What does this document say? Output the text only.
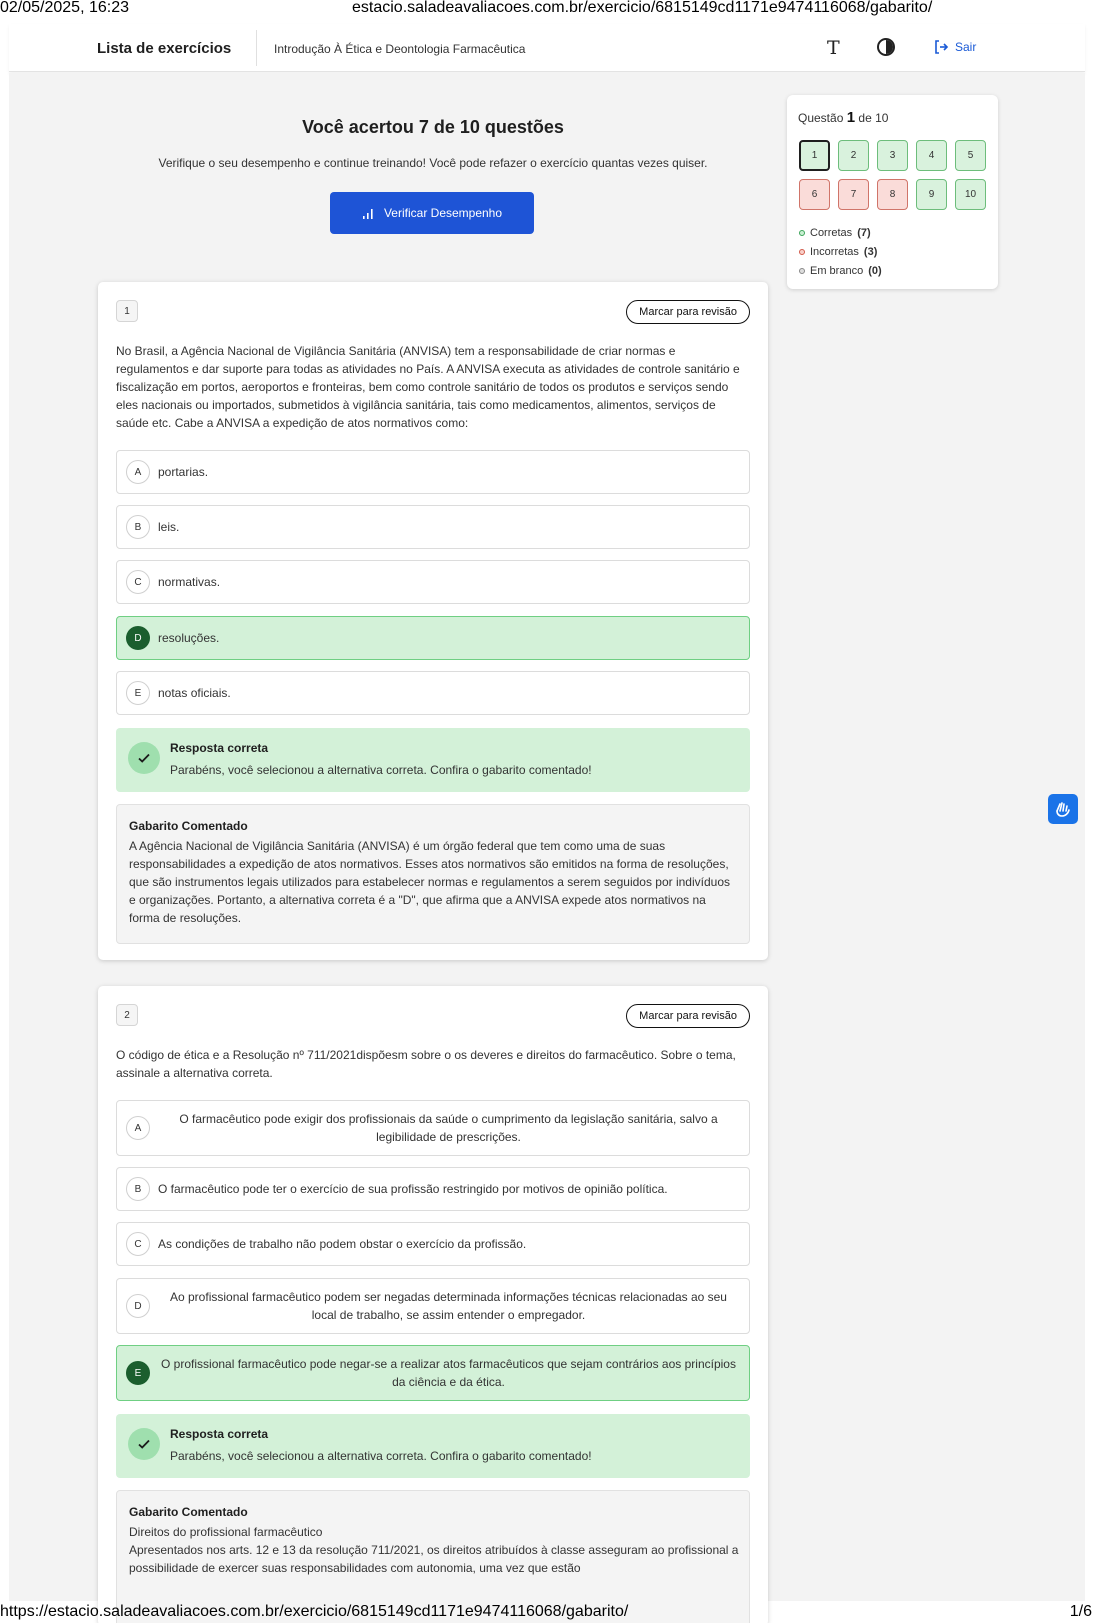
02/05/2025, 16:23	estacio.saladeavaliacoes.com.br/exercicio/6815149cd1171e9474116068/gabarito/
Lista de exercícios	Introdução À Ética e Deontologia Farmacêutica	T	Sair
Você acertou 7 de 10 questões

Verifique o seu desempenho e continue treinando! Você pode refazer o exercício quantas vezes quiser.

Verificar Desempenho
Questão 1 de 10
1	2	3	4	5
6	7	8	9	10
Corretas (7)
Incorretas (3)
Em branco (0)
1	Marcar para revisão
No Brasil, a Agência Nacional de Vigilância Sanitária (ANVISA) tem a responsabilidade de criar normas e regulamentos e dar suporte para todas as atividades no País. A ANVISA executa as atividades de controle sanitário e fiscalização em portos, aeroportos e fronteiras, bem como controle sanitário de todos os produtos e serviços sendo eles nacionais ou importados, submetidos à vigilância sanitária, tais como medicamentos, alimentos, serviços de saúde etc. Cabe a ANVISA a expedição de atos normativos como:
A	portarias.
B	leis.
C	normativas.
D	resoluções.
E	notas oficiais.
Resposta correta
Parabéns, você selecionou a alternativa correta. Confira o gabarito comentado!
Gabarito Comentado
A Agência Nacional de Vigilância Sanitária (ANVISA) é um órgão federal que tem como uma de suas responsabilidades a expedição de atos normativos. Esses atos normativos são emitidos na forma de resoluções, que são instrumentos legais utilizados para estabelecer normas e regulamentos a serem seguidos por indivíduos e organizações. Portanto, a alternativa correta é a "D", que afirma que a ANVISA expede atos normativos na forma de resoluções.
2	Marcar para revisão
O código de ética e a Resolução nº 711/2021dispõesm sobre o os deveres e direitos do farmacêutico. Sobre o tema, assinale a alternativa correta.
A
O farmacêutico pode exigir dos profissionais da saúde o cumprimento da legislação sanitária, salvo a legibilidade de prescrições.
B	O farmacêutico pode ter o exercício de sua profissão restringido por motivos de opinião política.
C	As condições de trabalho não podem obstar o exercício da profissão.
D
Ao profissional farmacêutico podem ser negadas determinada informações técnicas relacionadas ao seu local de trabalho, se assim entender o empregador.
E
O profissional farmacêutico pode negar-se a realizar atos farmacêuticos que sejam contrários aos princípios da ciência e da ética.
Resposta correta
Parabéns, você selecionou a alternativa correta. Confira o gabarito comentado!
Gabarito Comentado
Direitos do profissional farmacêutico
Apresentados nos arts. 12 e 13 da resolução 711/2021, os direitos atribuídos à classe asseguram ao profissional a possibilidade de exercer suas responsabilidades com autonomia, uma vez que estão
https://estacio.saladeavaliacoes.com.br/exercicio/6815149cd1171e9474116068/gabarito/	1/6
